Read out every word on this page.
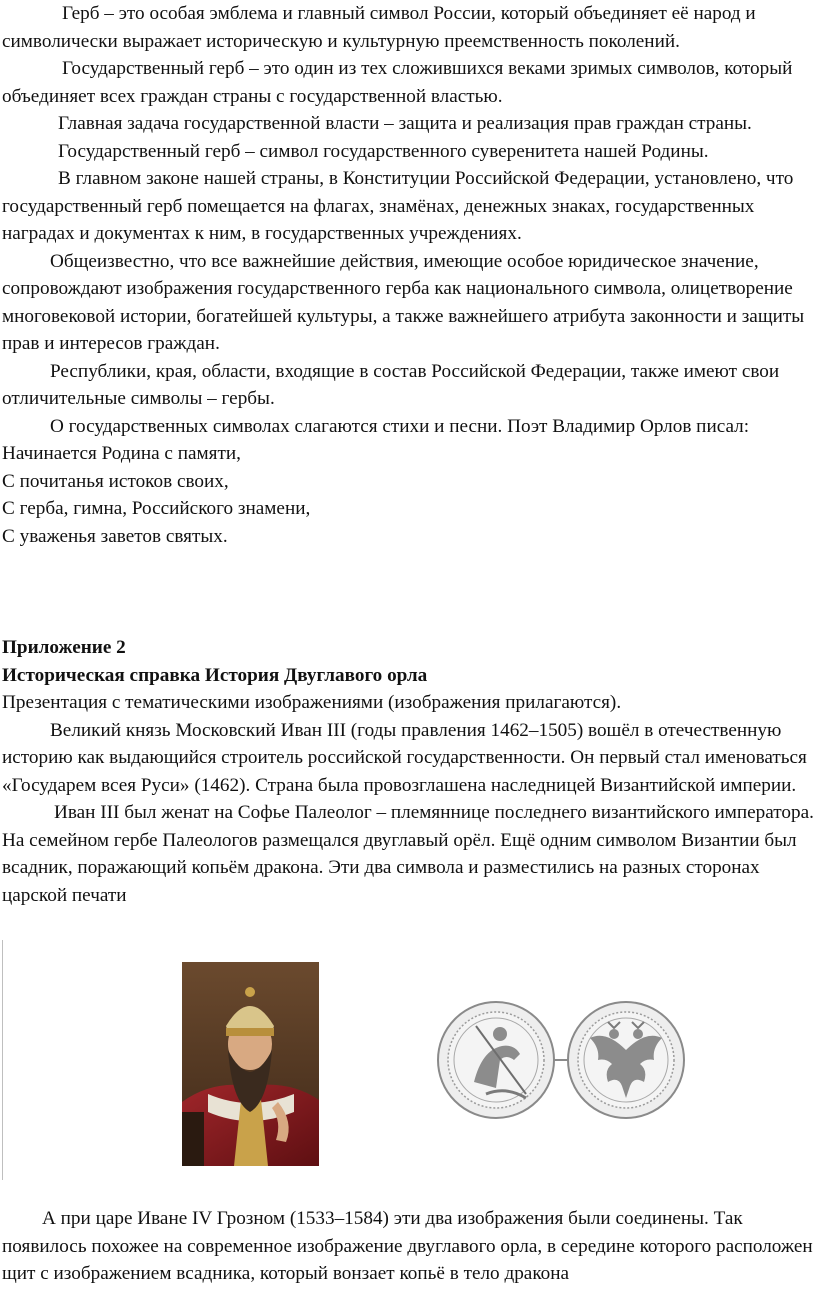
Герб – это особая эмблема и главный символ России, который объединяет её народ и символически выражает историческую и культурную преемственность поколений.

Государственный герб – это один из тех сложившихся веками зримых символов, который объединяет всех граждан страны с государственной властью.

Главная задача государственной власти – защита и реализация прав граждан страны.

Государственный герб – символ государственного суверенитета нашей Родины.

В главном законе нашей страны, в Конституции Российской Федерации, установлено, что государственный герб помещается на флагах, знамёнах, денежных знаках, государственных наградах и документах к ним, в государственных учреждениях.

Общеизвестно, что все важнейшие действия, имеющие особое юридическое значение, сопровождают изображения государственного герба как национального символа, олицетворение многовековой истории, богатейшей культуры, а также важнейшего атрибута законности и защиты прав и интересов граждан.

Республики, края, области, входящие в состав Российской Федерации, также имеют свои отличительные символы – гербы.

О государственных символах слагаются стихи и песни. Поэт Владимир Орлов писал:

Начинается Родина с памяти,

С почитанья истоков своих,

С герба, гимна, Российского знамени,

С уваженья заветов святых.

Приложение 2

Историческая справка История Двуглавого орла

Презентация с тематическими изображениями (изображения прилагаются).

Великий князь Московский Иван III (годы правления 1462–1505) вошёл в отечественную историю как выдающийся строитель российской государственности. Он первый стал именоваться «Государем всея Руси» (1462). Страна была провозглашена наследницей Византийской империи.

Иван III был женат на Софье Палеолог – племяннице последнего византийского императора. На семейном гербе Палеологов размещался двуглавый орёл. Ещё одним символом Византии был всадник, поражающий копьём дракона. Эти два символа и разместились на разных сторонах царской печати

А при царе Иване IV Грозном (1533–1584) эти два изображения были соединены. Так появилось похожее на современное изображение двуглавого орла, в середине которого расположен щит с изображением всадника, который вонзает копьё в тело дракона
